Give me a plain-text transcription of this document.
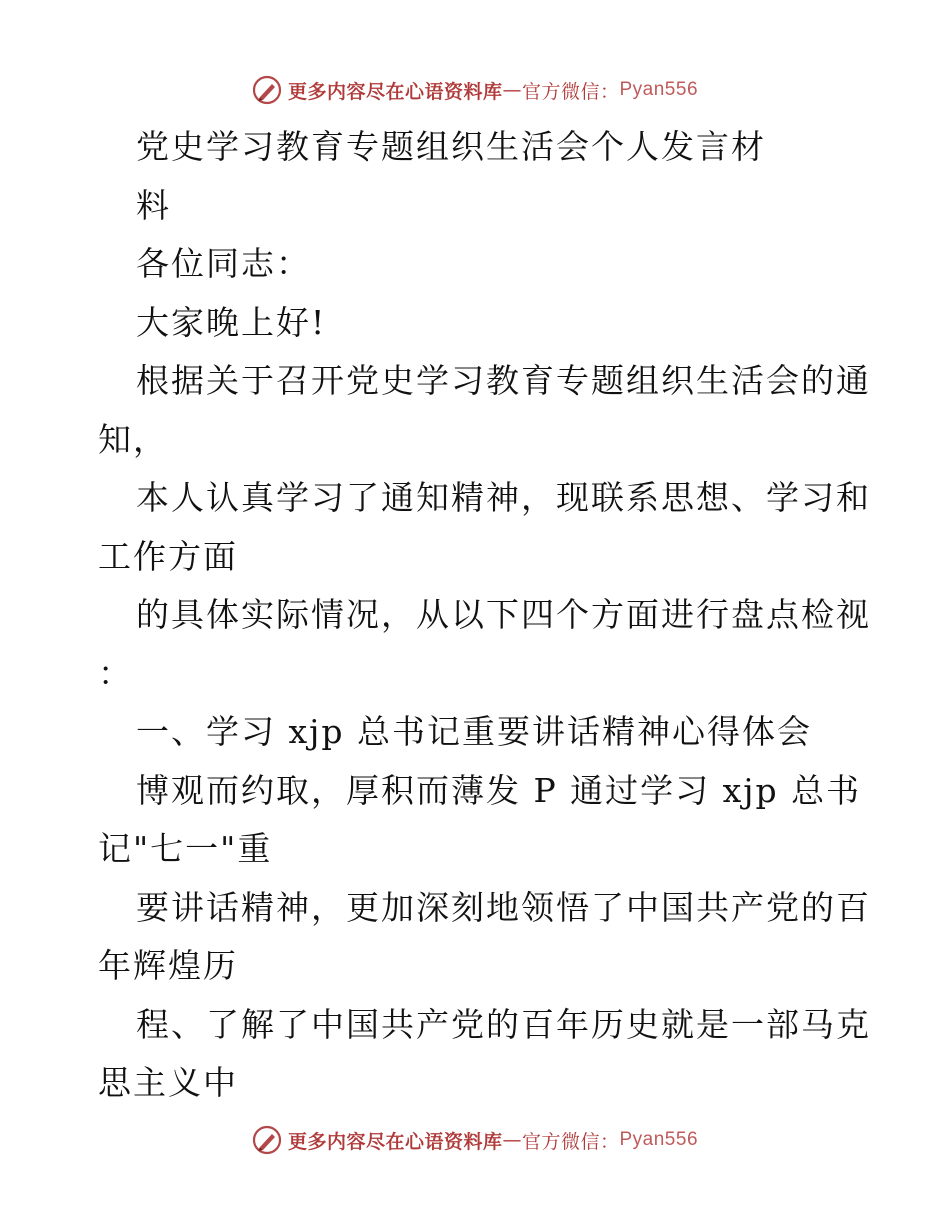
更多内容尽在心语资料库 — 官方微信： Pyan556
党史学习教育专题组织生活会个人发言材
料
各位同志：
大家晚上好!
根据关于召开党史学习教育专题组织生活会的通
知，
本人认真学习了通知精神，现联系思想、学习和
工作方面
的具体实际情况，从以下四个方面进行盘点检视
：
一、学习 xjp 总书记重要讲话精神心得体会
博观而约取，厚积而薄发 P 通过学习 xjp 总书
记"七一"重
要讲话精神，更加深刻地领悟了中国共产党的百
年辉煌历
程、了解了中国共产党的百年历史就是一部马克
思主义中
更多内容尽在心语资料库 — 官方微信： Pyan556
